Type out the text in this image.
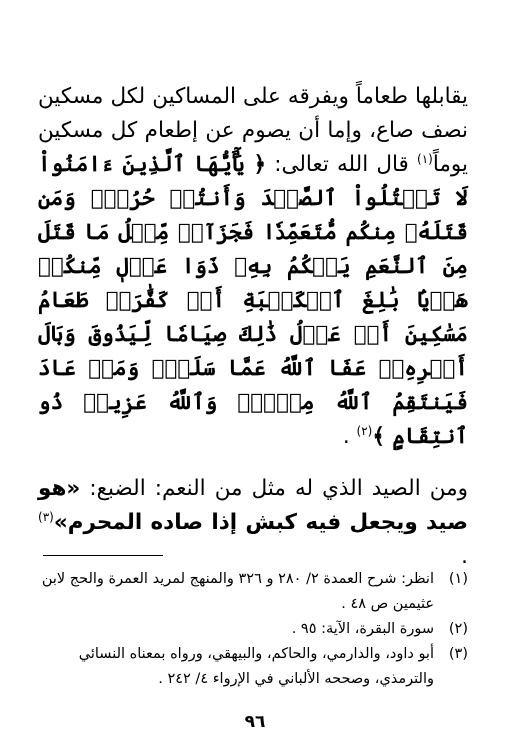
يقابلها طعاماً ويفرقه على المساكين لكل مسكين نصف صاع، وإما أن يصوم عن إطعام كل مسكين يوماً$^{(١)}$ قال الله تعالى: ﴿ يَٰٓأَيُّهَا ٱلَّذِينَ ءَامَنُواْ لَا تَقۡتُلُواْ ٱلصَّيۡدَ وَأَنتُمۡ حُرُمٞۚ وَمَن قَتَلَهُۥ مِنكُم مُّتَعَمِّدٗا فَجَزَآءٞ مِّثۡلُ مَا قَتَلَ مِنَ ٱلنَّعَمِ يَحۡكُمُ بِهِۦ ذَوَا عَدۡلٖ مِّنكُمۡ هَدۡيَۢا بَٰلِغَ ٱلۡكَعۡبَةِ أَوۡ كَفَّٰرَةٞ طَعَامُ مَسَٰكِينَ أَوۡ عَدۡلُ ذَٰلِكَ صِيَامٗا لِّيَذُوقَ وَبَالَ أَمۡرِهِۦۗ عَفَا ٱللَّهُ عَمَّا سَلَفَۚ وَمَنۡ عَادَ فَيَنتَقِمُ ٱللَّهُ مِنۡهُۚ وَٱللَّهُ عَزِيزٞ ذُو ٱنتِقَامٍ ﴾$^{(٢)}$ .

ومن الصيد الذي له مثل من النعم: الضبع: «هو صيد ويجعل فيه كبش إذا صاده المحرم»$^{(٣)}$ .

(١)
انظر: شرح العمدة ٢/ ٢٨٠ و ٣٢٦ والمنهج لمريد العمرة والحج لابن عثيمين ص ٤٨ .
(٢)
سورة البقرة، الآية: ٩٥ .
(٣)
أبو داود، والدارمي، والحاكم، والبيهقي، ورواه بمعناه النسائي والترمذي، وصححه الألباني في الإرواء ٤/ ٢٤٢ .
٩٦
